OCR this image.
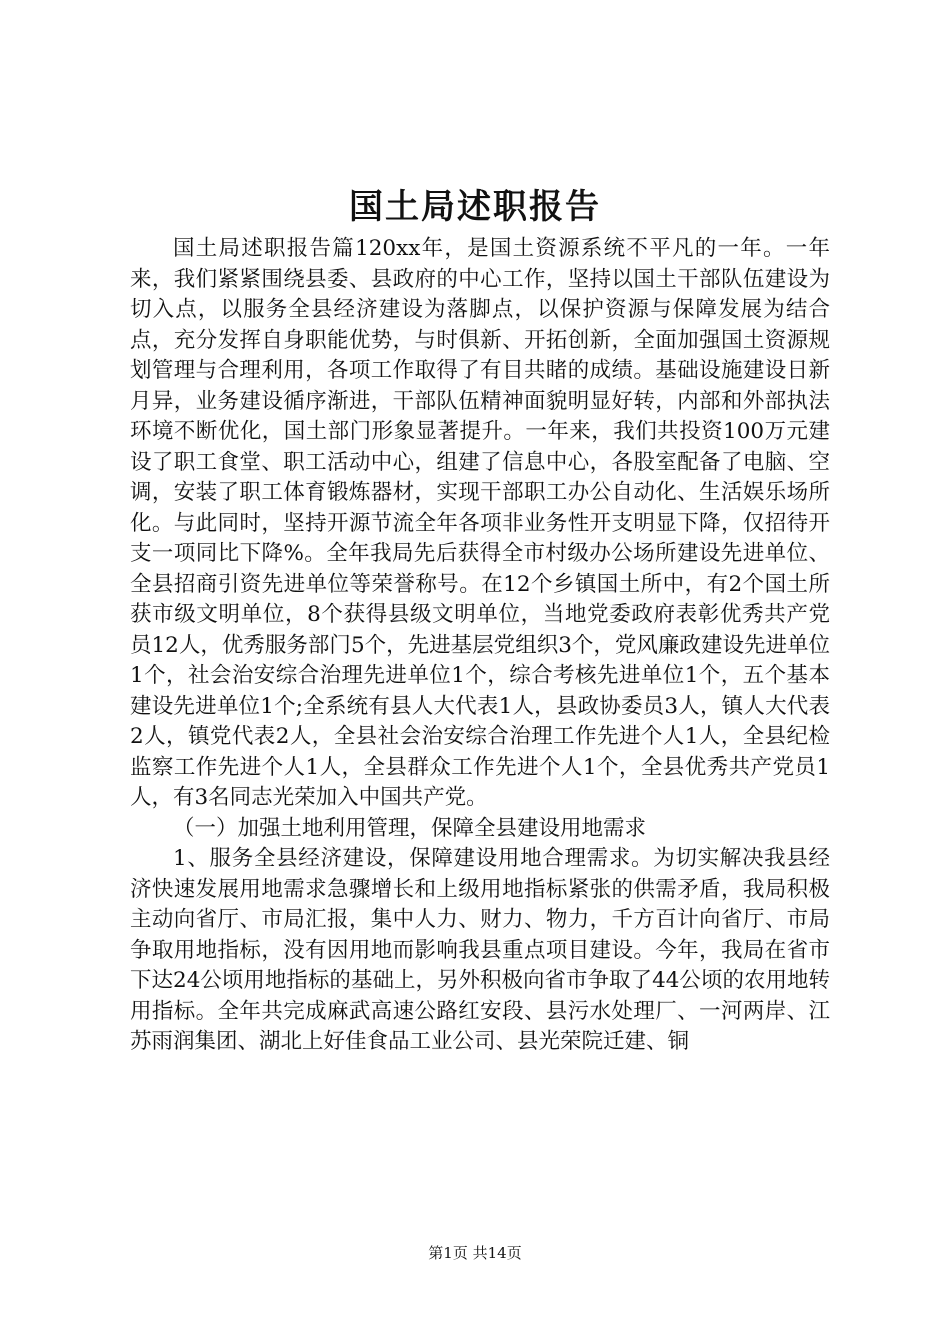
国土局述职报告

国土局述职报告篇120xx年，是国土资源系统不平凡的一年。一年来，我们紧紧围绕县委、县政府的中心工作，坚持以国土干部队伍建设为切入点，以服务全县经济建设为落脚点，以保护资源与保障发展为结合点，充分发挥自身职能优势，与时俱新、开拓创新，全面加强国土资源规划管理与合理利用，各项工作取得了有目共睹的成绩。基础设施建设日新月异，业务建设循序渐进，干部队伍精神面貌明显好转，内部和外部执法环境不断优化，国土部门形象显著提升。一年来，我们共投资100万元建设了职工食堂、职工活动中心，组建了信息中心，各股室配备了电脑、空调，安装了职工体育锻炼器材，实现干部职工办公自动化、生活娱乐场所化。与此同时，坚持开源节流全年各项非业务性开支明显下降，仅招待开支一项同比下降%。全年我局先后获得全市村级办公场所建设先进单位、全县招商引资先进单位等荣誉称号。在12个乡镇国土所中，有2个国土所获市级文明单位，8个获得县级文明单位，当地党委政府表彰优秀共产党员12人，优秀服务部门5个，先进基层党组织3个，党风廉政建设先进单位1个，社会治安综合治理先进单位1个，综合考核先进单位1个，五个基本建设先进单位1个;全系统有县人大代表1人，县政协委员3人，镇人大代表2人，镇党代表2人，全县社会治安综合治理工作先进个人1人，全县纪检监察工作先进个人1人，全县群众工作先进个人1个，全县优秀共产党员1人，有3名同志光荣加入中国共产党。

（一）加强土地利用管理，保障全县建设用地需求

1、服务全县经济建设，保障建设用地合理需求。为切实解决我县经济快速发展用地需求急骤增长和上级用地指标紧张的供需矛盾，我局积极主动向省厅、市局汇报，集中人力、财力、物力，千方百计向省厅、市局争取用地指标，没有因用地而影响我县重点项目建设。今年，我局在省市下达24公顷用地指标的基础上，另外积极向省市争取了44公顷的农用地转用指标。全年共完成麻武高速公路红安段、县污水处理厂、一河两岸、江苏雨润集团、湖北上好佳食品工业公司、县光荣院迁建、铜

第1页 共14页
